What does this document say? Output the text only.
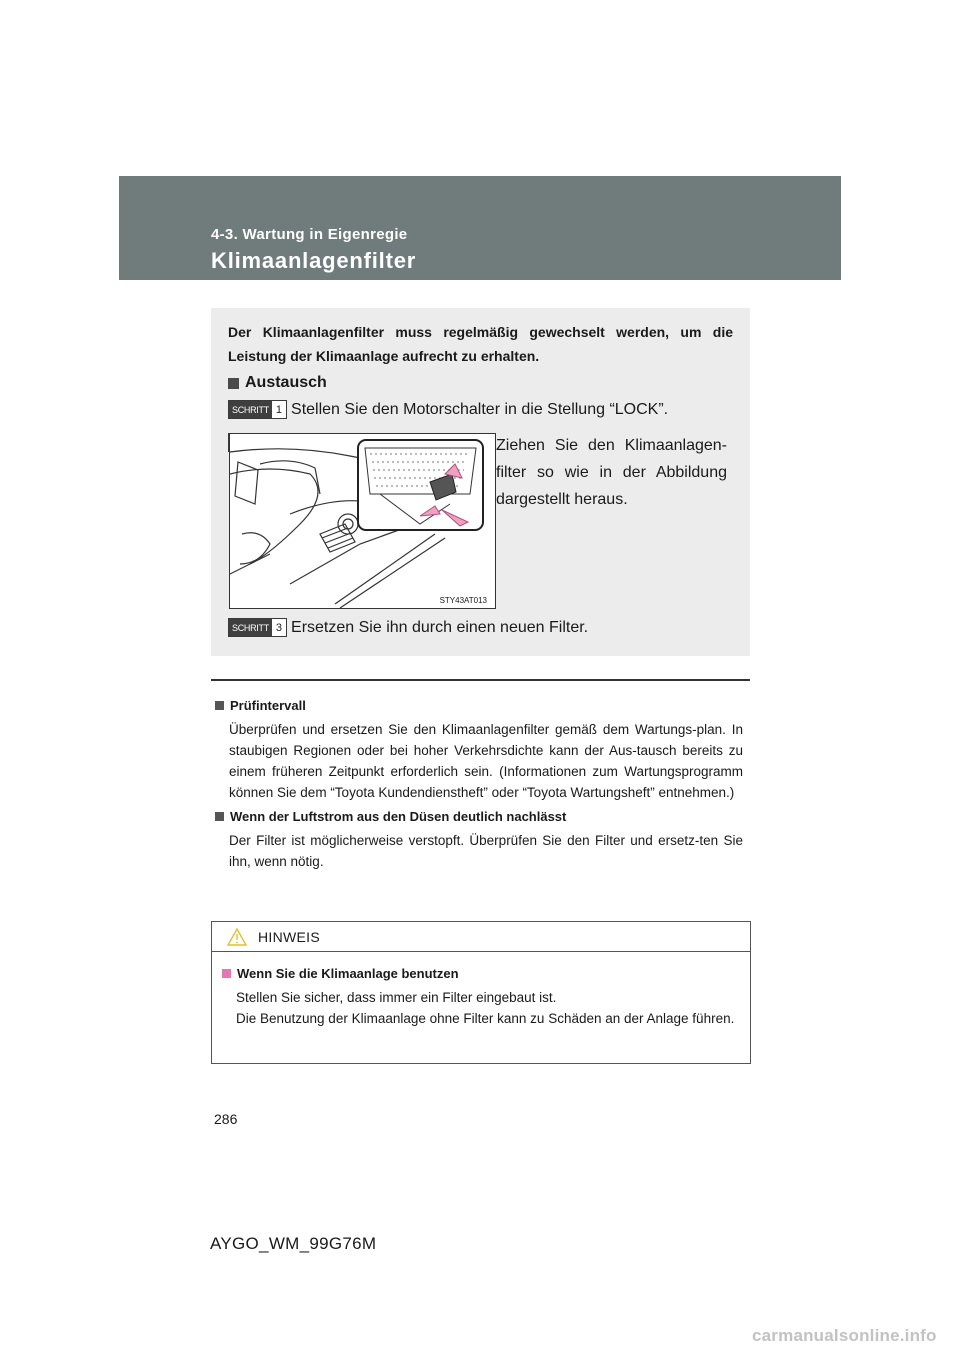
4-3. Wartung in Eigenregie
Klimaanlagenfilter
Der Klimaanlagenfilter muss regelmäßig gewechselt werden, um die Leistung der Klimaanlage aufrecht zu erhalten.
Austausch
SCHRITT 1 Stellen Sie den Motorschalter in die Stellung “LOCK”.
STY43AT013
Ziehen Sie den Klimaanlagen-filter so wie in der Abbildung dargestellt heraus.
SCHRITT 3 Ersetzen Sie ihn durch einen neuen Filter.
Prüfintervall
Überprüfen und ersetzen Sie den Klimaanlagenfilter gemäß dem Wartungs-plan. In staubigen Regionen oder bei hoher Verkehrsdichte kann der Aus-tausch bereits zu einem früheren Zeitpunkt erforderlich sein. (Informationen zum Wartungsprogramm können Sie dem “Toyota Kundendienstheft” oder “Toyota Wartungsheft” entnehmen.)
Wenn der Luftstrom aus den Düsen deutlich nachlässt
Der Filter ist möglicherweise verstopft. Überprüfen Sie den Filter und ersetz-ten Sie ihn, wenn nötig.
HINWEIS
Wenn Sie die Klimaanlage benutzen
Stellen Sie sicher, dass immer ein Filter eingebaut ist.
Die Benutzung der Klimaanlage ohne Filter kann zu Schäden an der Anlage führen.
286
AYGO_WM_99G76M
carmanualsonline.info
